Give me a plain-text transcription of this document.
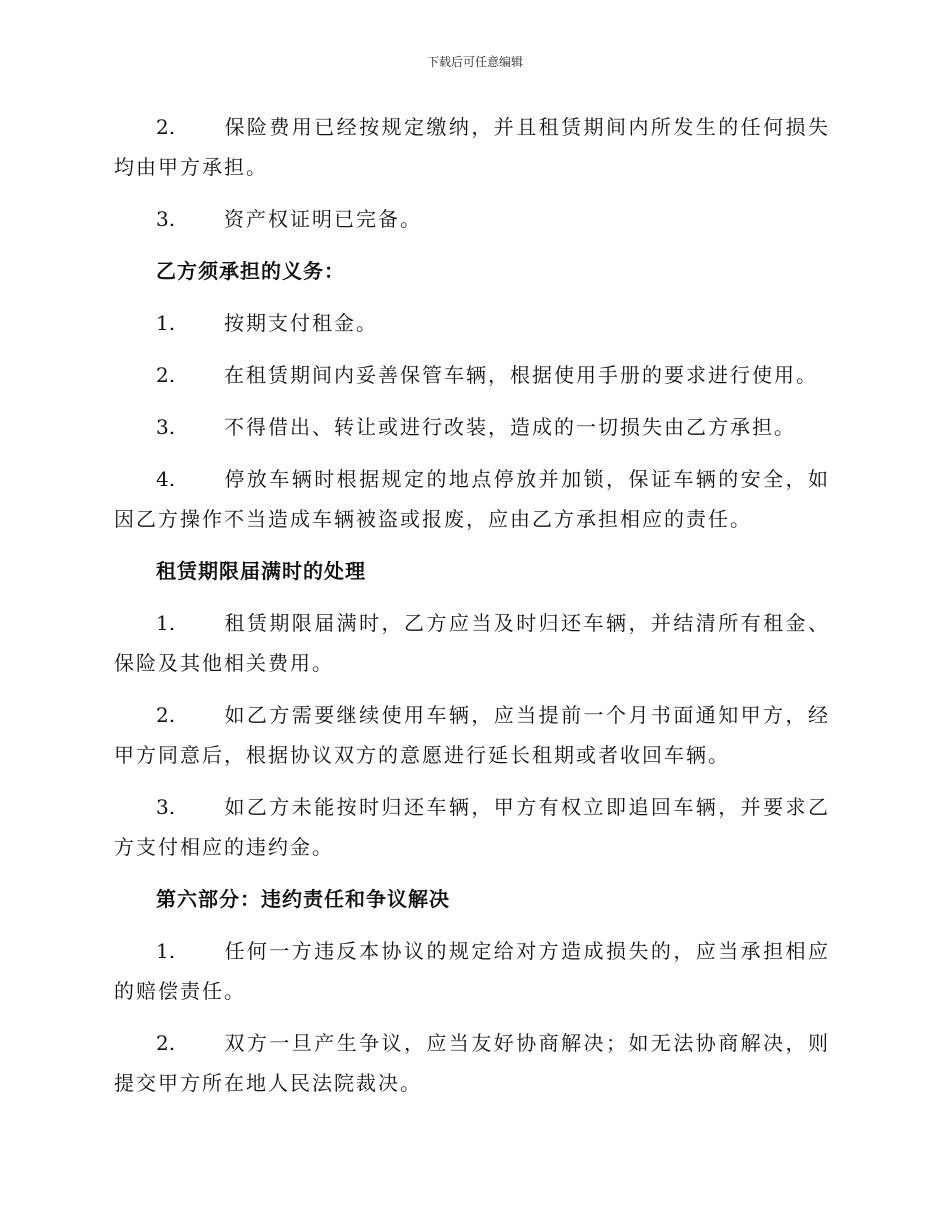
下载后可任意编辑

2. 保险费用已经按规定缴纳，并且租赁期间内所发生的任何损失均由甲方承担。

3. 资产权证明已完备。

乙方须承担的义务：

1. 按期支付租金。

2. 在租赁期间内妥善保管车辆，根据使用手册的要求进行使用。

3. 不得借出、转让或进行改装，造成的一切损失由乙方承担。

4. 停放车辆时根据规定的地点停放并加锁，保证车辆的安全，如因乙方操作不当造成车辆被盗或报废，应由乙方承担相应的责任。

租赁期限届满时的处理

1. 租赁期限届满时，乙方应当及时归还车辆，并结清所有租金、保险及其他相关费用。

2. 如乙方需要继续使用车辆，应当提前一个月书面通知甲方，经甲方同意后，根据协议双方的意愿进行延长租期或者收回车辆。

3. 如乙方未能按时归还车辆，甲方有权立即追回车辆，并要求乙方支付相应的违约金。

第六部分：违约责任和争议解决

1. 任何一方违反本协议的规定给对方造成损失的，应当承担相应的赔偿责任。

2. 双方一旦产生争议，应当友好协商解决；如无法协商解决，则提交甲方所在地人民法院裁决。
